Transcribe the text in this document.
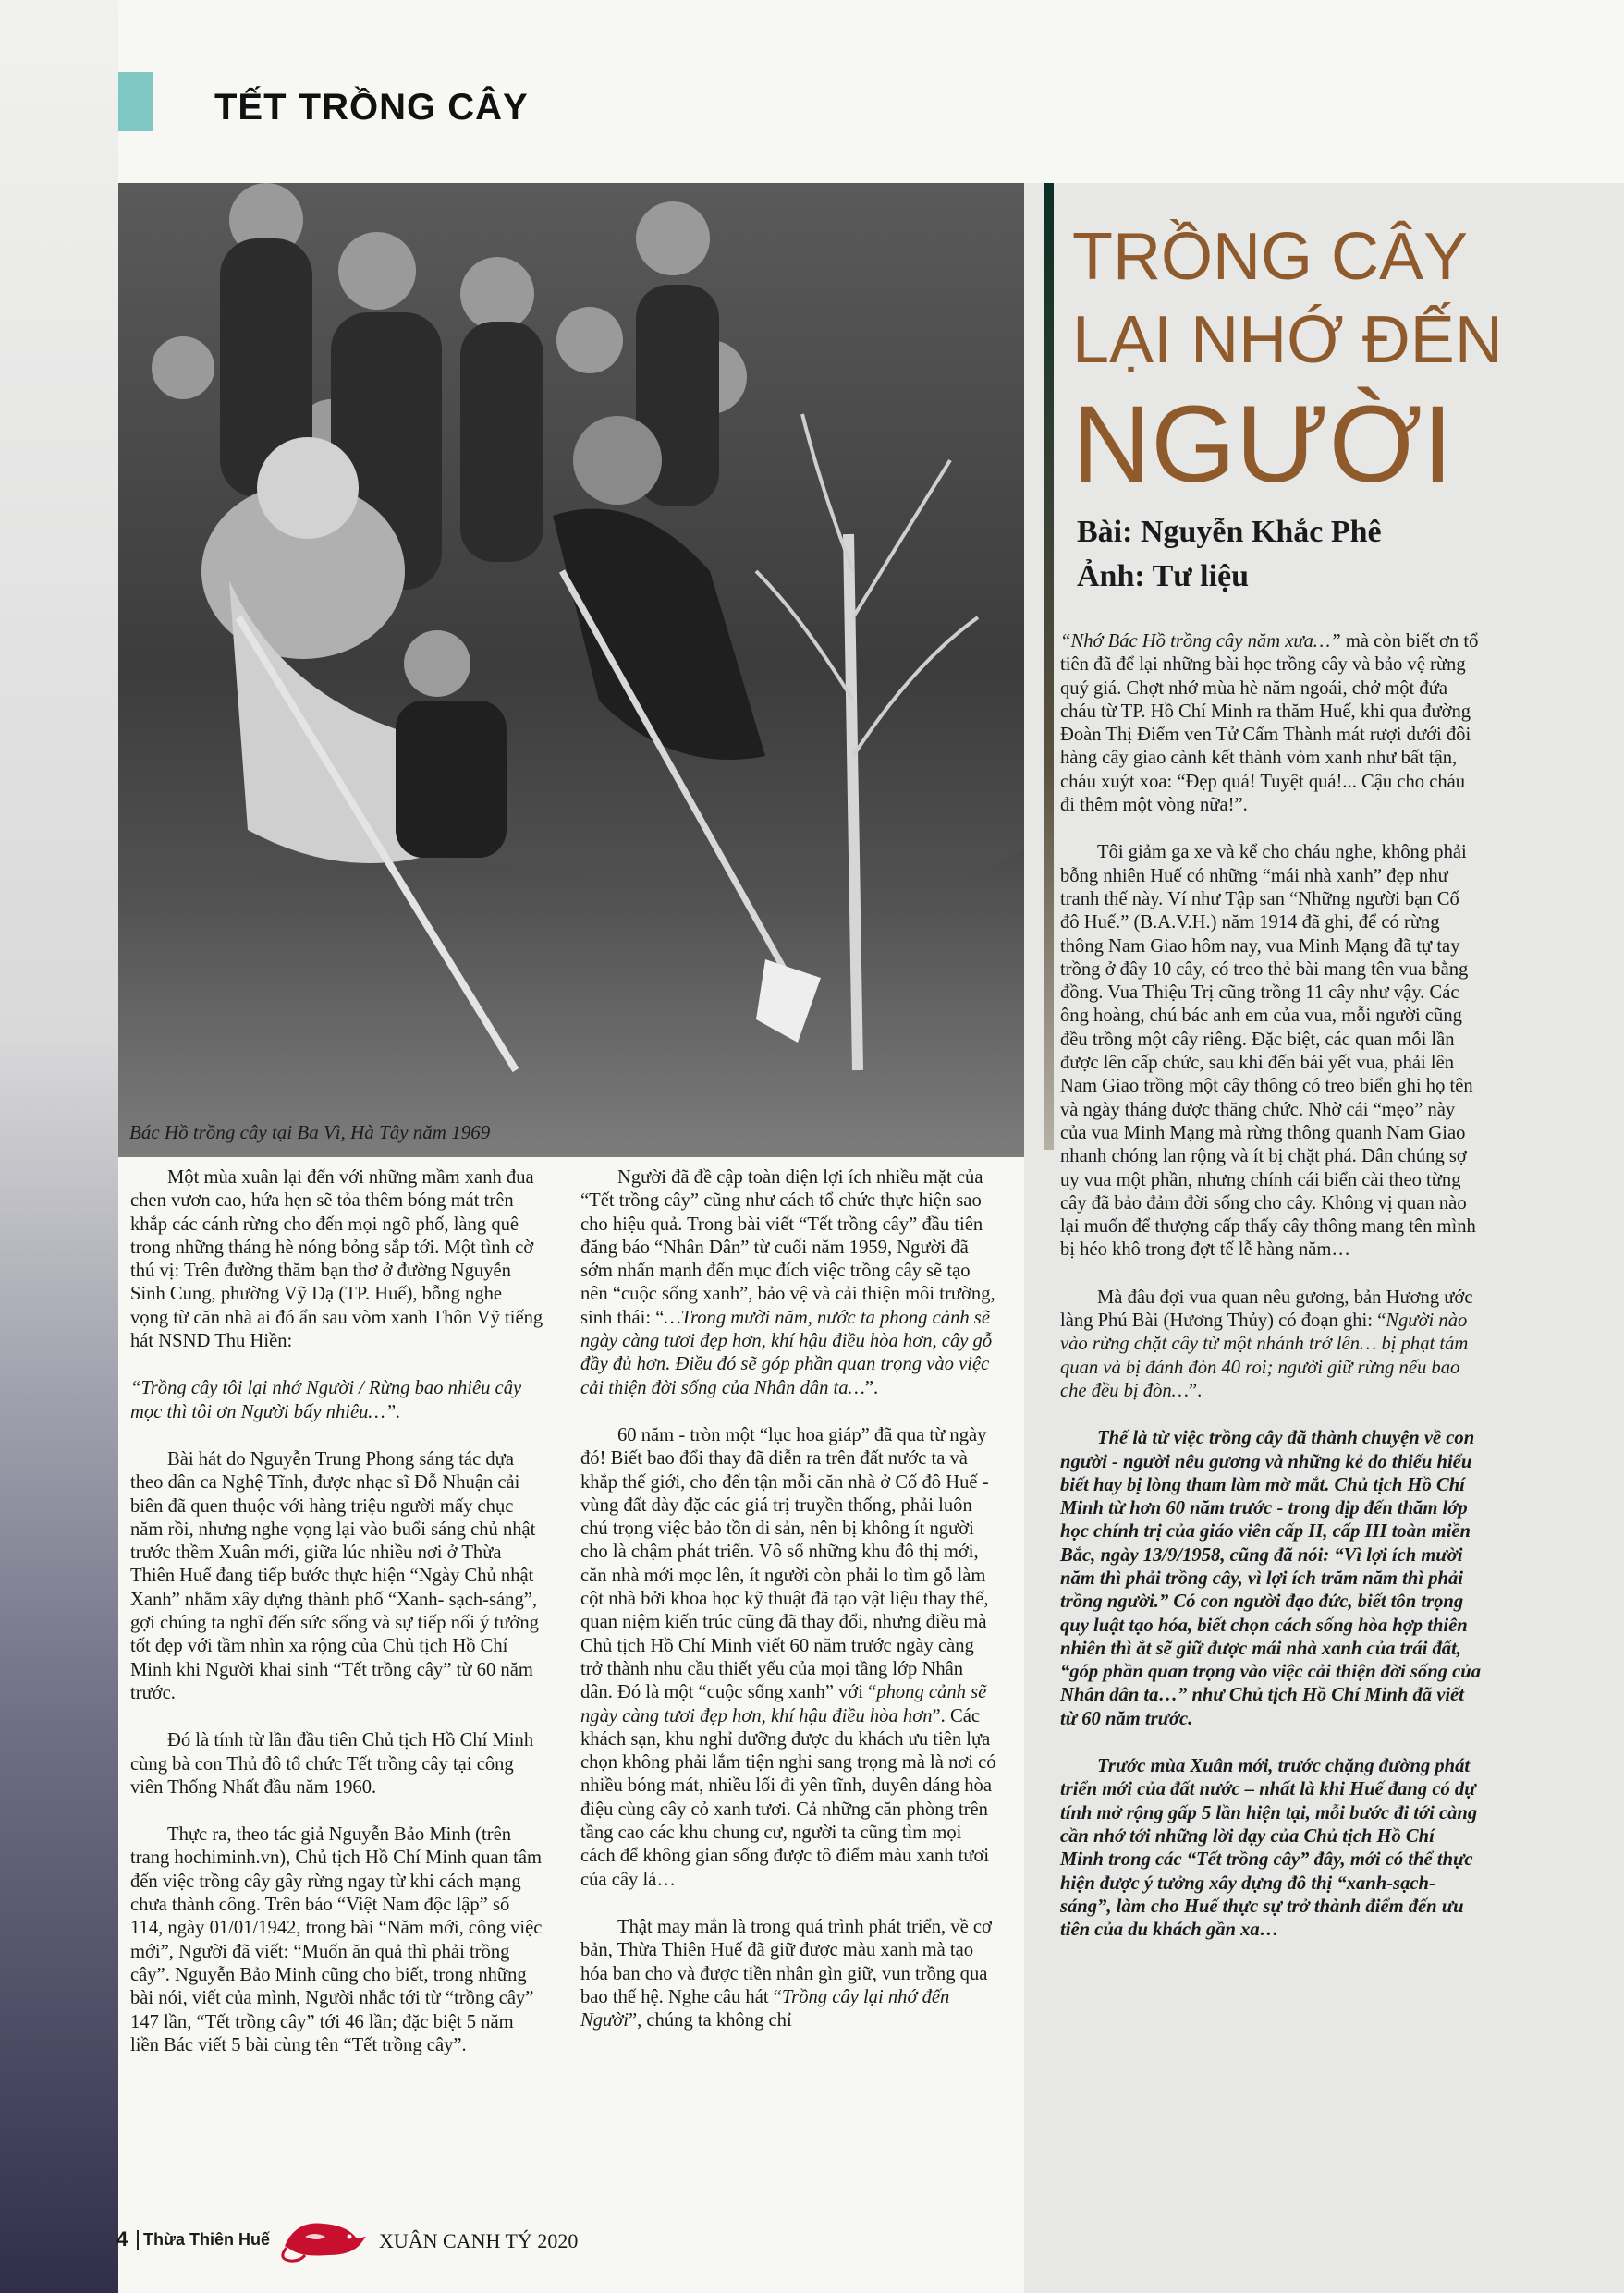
TẾT TRỒNG CÂY
Bác Hồ trồng cây tại Ba Vì, Hà Tây năm 1969
TRỒNG CÂY
LẠI NHỚ ĐẾN
NGƯỜI
Bài: Nguyễn Khắc Phê
Ảnh: Tư liệu

Một mùa xuân lại đến với những mầm xanh đua chen vươn cao, hứa hẹn sẽ tỏa thêm bóng mát trên khắp các cánh rừng cho đến mọi ngõ phố, làng quê trong những tháng hè nóng bỏng sắp tới. Một tình cờ thú vị: Trên đường thăm bạn thơ ở đường Nguyễn Sinh Cung, phường Vỹ Dạ (TP. Huế), bỗng nghe vọng từ căn nhà ai đó ẩn sau vòm xanh Thôn Vỹ tiếng hát NSND Thu Hiền:

“Trồng cây tôi lại nhớ Người / Rừng bao nhiêu cây mọc thì tôi ơn Người bấy nhiêu…”.

Bài hát do Nguyễn Trung Phong sáng tác dựa theo dân ca Nghệ Tĩnh, được nhạc sĩ Đỗ Nhuận cải biên đã quen thuộc với hàng triệu người mấy chục năm rồi, nhưng nghe vọng lại vào buổi sáng chủ nhật trước thềm Xuân mới, giữa lúc nhiều nơi ở Thừa Thiên Huế đang tiếp bước thực hiện “Ngày Chủ nhật Xanh” nhằm xây dựng thành phố “Xanh- sạch-sáng”, gợi chúng ta nghĩ đến sức sống và sự tiếp nối ý tưởng tốt đẹp với tầm nhìn xa rộng của Chủ tịch Hồ Chí Minh khi Người khai sinh “Tết trồng cây” từ 60 năm trước.

Đó là tính từ lần đầu tiên Chủ tịch Hồ Chí Minh cùng bà con Thủ đô tổ chức Tết trồng cây tại công viên Thống Nhất đầu năm 1960.

Thực ra, theo tác giả Nguyễn Bảo Minh (trên trang hochiminh.vn), Chủ tịch Hồ Chí Minh quan tâm đến việc trồng cây gây rừng ngay từ khi cách mạng chưa thành công. Trên báo “Việt Nam độc lập” số 114, ngày 01/01/1942, trong bài “Năm mới, công việc mới”, Người đã viết: “Muốn ăn quả thì phải trồng cây”. Nguyễn Bảo Minh cũng cho biết, trong những bài nói, viết của mình, Người nhắc tới từ “trồng cây” 147 lần, “Tết trồng cây” tới 46 lần; đặc biệt 5 năm liền Bác viết 5 bài cùng tên “Tết trồng cây”.

Người đã đề cập toàn diện lợi ích nhiều mặt của “Tết trồng cây” cũng như cách tổ chức thực hiện sao cho hiệu quả. Trong bài viết “Tết trồng cây” đầu tiên đăng báo “Nhân Dân” từ cuối năm 1959, Người đã sớm nhấn mạnh đến mục đích việc trồng cây sẽ tạo nên “cuộc sống xanh”, bảo vệ và cải thiện môi trường, sinh thái: “…Trong mười năm, nước ta phong cảnh sẽ ngày càng tươi đẹp hơn, khí hậu điều hòa hơn, cây gỗ đầy đủ hơn. Điều đó sẽ góp phần quan trọng vào việc cải thiện đời sống của Nhân dân ta…”.

60 năm - tròn một “lục hoa giáp” đã qua từ ngày đó! Biết bao đổi thay đã diễn ra trên đất nước ta và khắp thế giới, cho đến tận mỗi căn nhà ở Cố đô Huế - vùng đất dày đặc các giá trị truyền thống, phải luôn chú trọng việc bảo tồn di sản, nên bị không ít người cho là chậm phát triển. Vô số những khu đô thị mới, căn nhà mới mọc lên, ít người còn phải lo tìm gỗ làm cột nhà bởi khoa học kỹ thuật đã tạo vật liệu thay thế, quan niệm kiến trúc cũng đã thay đổi, nhưng điều mà Chủ tịch Hồ Chí Minh viết 60 năm trước ngày càng trở thành nhu cầu thiết yếu của mọi tầng lớp Nhân dân. Đó là một “cuộc sống xanh” với “phong cảnh sẽ ngày càng tươi đẹp hơn, khí hậu điều hòa hơn”. Các khách sạn, khu nghỉ dưỡng được du khách ưu tiên lựa chọn không phải lắm tiện nghi sang trọng mà là nơi có nhiều bóng mát, nhiều lối đi yên tĩnh, duyên dáng hòa điệu cùng cây cỏ xanh tươi. Cả những căn phòng trên tầng cao các khu chung cư, người ta cũng tìm mọi cách để không gian sống được tô điểm màu xanh tươi của cây lá…

Thật may mắn là trong quá trình phát triển, về cơ bản, Thừa Thiên Huế đã giữ được màu xanh mà tạo hóa ban cho và được tiền nhân gìn giữ, vun trồng qua bao thế hệ. Nghe câu hát “Trồng cây lại nhớ đến Người”, chúng ta không chỉ

“Nhớ Bác Hồ trồng cây năm xưa…” mà còn biết ơn tổ tiên đã để lại những bài học trồng cây và bảo vệ rừng quý giá. Chợt nhớ mùa hè năm ngoái, chở một đứa cháu từ TP. Hồ Chí Minh ra thăm Huế, khi qua đường Đoàn Thị Điểm ven Tử Cấm Thành mát rượi dưới đôi hàng cây giao cành kết thành vòm xanh như bất tận, cháu xuýt xoa: “Đẹp quá! Tuyệt quá!... Cậu cho cháu đi thêm một vòng nữa!”.

Tôi giảm ga xe và kể cho cháu nghe, không phải bỗng nhiên Huế có những “mái nhà xanh” đẹp như tranh thế này. Ví như Tập san “Những người bạn Cố đô Huế.” (B.A.V.H.) năm 1914 đã ghi, để có rừng thông Nam Giao hôm nay, vua Minh Mạng đã tự tay trồng ở đây 10 cây, có treo thẻ bài mang tên vua bằng đồng. Vua Thiệu Trị cũng trồng 11 cây như vậy. Các ông hoàng, chú bác anh em của vua, mỗi người cũng đều trồng một cây riêng. Đặc biệt, các quan mỗi lần được lên cấp chức, sau khi đến bái yết vua, phải lên Nam Giao trồng một cây thông có treo biển ghi họ tên và ngày tháng được thăng chức. Nhờ cái “mẹo” này của vua Minh Mạng mà rừng thông quanh Nam Giao nhanh chóng lan rộng và ít bị chặt phá. Dân chúng sợ uy vua một phần, nhưng chính cái biển cài theo từng cây đã bảo đảm đời sống cho cây. Không vị quan nào lại muốn để thượng cấp thấy cây thông mang tên mình bị héo khô trong đợt tế lễ hàng năm…

Mà đâu đợi vua quan nêu gương, bản Hương ước làng Phú Bài (Hương Thủy) có đoạn ghi: “Người nào vào rừng chặt cây từ một nhánh trở lên… bị phạt tám quan và bị đánh đòn 40 roi; người giữ rừng nếu bao che đều bị đòn…”.

Thế là từ việc trồng cây đã thành chuyện về con người - người nêu gương và những kẻ do thiếu hiểu biết hay bị lòng tham làm mờ mắt. Chủ tịch Hồ Chí Minh từ hơn 60 năm trước - trong dịp đến thăm lớp học chính trị của giáo viên cấp II, cấp III toàn miền Bắc, ngày 13/9/1958, cũng đã nói: “Vì lợi ích mười năm thì phải trồng cây, vì lợi ích trăm năm thì phải trồng người.” Có con người đạo đức, biết tôn trọng quy luật tạo hóa, biết chọn cách sống hòa hợp thiên nhiên thì ắt sẽ giữ được mái nhà xanh của trái đất, “góp phần quan trọng vào việc cải thiện đời sống của Nhân dân ta…” như Chủ tịch Hồ Chí Minh đã viết từ 60 năm trước.

Trước mùa Xuân mới, trước chặng đường phát triển mới của đất nước – nhất là khi Huế đang có dự tính mở rộng gấp 5 lần hiện tại, mỗi bước đi tới càng cần nhớ tới những lời dạy của Chủ tịch Hồ Chí Minh trong các “Tết trồng cây” đây, mới có thể thực hiện được ý tưởng xây dựng đô thị “xanh-sạch-sáng”, làm cho Huế thực sự trở thành điểm đến ưu tiên của du khách gần xa…

4 Thừa Thiên Huế	XUÂN CANH TÝ 2020
